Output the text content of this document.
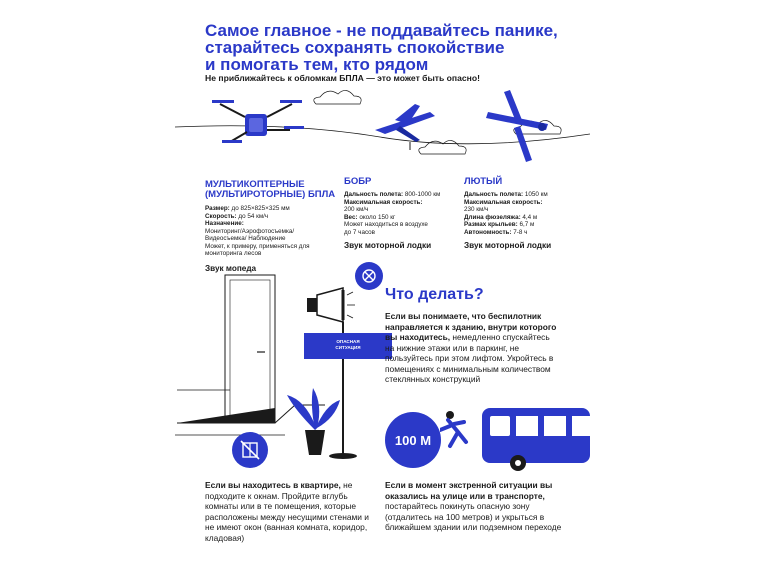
Самое главное - не поддавайтесь панике,
старайтесь сохранять спокойствие
и помогать тем, кто рядом
Не приближайтесь к обломкам БПЛА — это может быть опасно!
МУЛЬТИКОПТЕРНЫЕ
(МУЛЬТИРОТОРНЫЕ) БПЛА
Размер: до 825×825×325 мм
Скорость: до 54 км/ч
Назначение:
Мониторинг/Аэрофотосъемка/
Видеосъемка/ Наблюдение
Может, к примеру, применяться для
мониторинга лесов
Звук мопеда
БОБР
Дальность полета: 800-1000 км
Максимальная скорость:
200 км/ч
Вес: около 150 кг
Может находиться в воздухе
до 7 часов
Звук моторной лодки
ЛЮТЫЙ
Дальность полета: 1050 км
Максимальная скорость:
230 км/ч
Длина фюзеляжа: 4,4 м
Размах крыльев: 6,7 м
Автономность: 7-8 ч
Звук моторной лодки
ОПАСНАЯ
СИТУАЦИЯ
Что делать?
Если вы понимаете, что беспилотник направляется к зданию, внутри которого вы находитесь, немедленно спускайтесь на нижние этажи или в паркинг, не пользуйтесь при этом лифтом. Укройтесь в помещениях с минимальным количеством стеклянных конструкций
Если вы находитесь в квартире, не подходите к окнам. Пройдите вглубь комнаты или в те помещения, которые расположены между несущими стенами и не имеют окон (ванная комната, коридор, кладовая)
100 М
Если в момент экстренной ситуации вы оказались на улице или в транспорте, постарайтесь покинуть опасную зону (отдалитесь на 100 метров) и укрыться в ближайшем здании или подземном переходе
